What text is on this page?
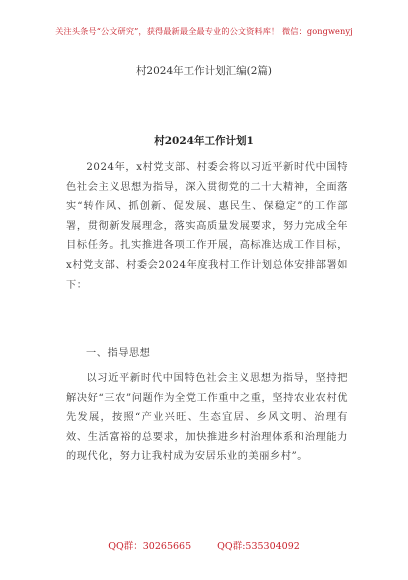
关注头条号“公文研究”，获得最新最全最专业的公文资料库！ 微信：gongwenyj
村2024年工作计划汇编(2篇)
村2024年工作计划1
2024年，x村党支部、村委会将以习近平新时代中国特色社会主义思想为指导，深入贯彻党的二十大精神，全面落实“转作风、抓创新、促发展、惠民生、保稳定”的工作部署，贯彻新发展理念，落实高质量发展要求，努力完成全年目标任务。扎实推进各项工作开展，高标准达成工作目标，x村党支部、村委会2024年度我村工作计划总体安排部署如下：
一、指导思想
以习近平新时代中国特色社会主义思想为指导，坚持把解决好“三农”问题作为全党工作重中之重，坚持农业农村优先发展，按照“产业兴旺、生态宜居、乡风文明、治理有效、生活富裕的总要求，加快推进乡村治理体系和治理能力的现代化，努力让我村成为安居乐业的美丽乡村”。
QQ群：30265665	QQ群:535304092
